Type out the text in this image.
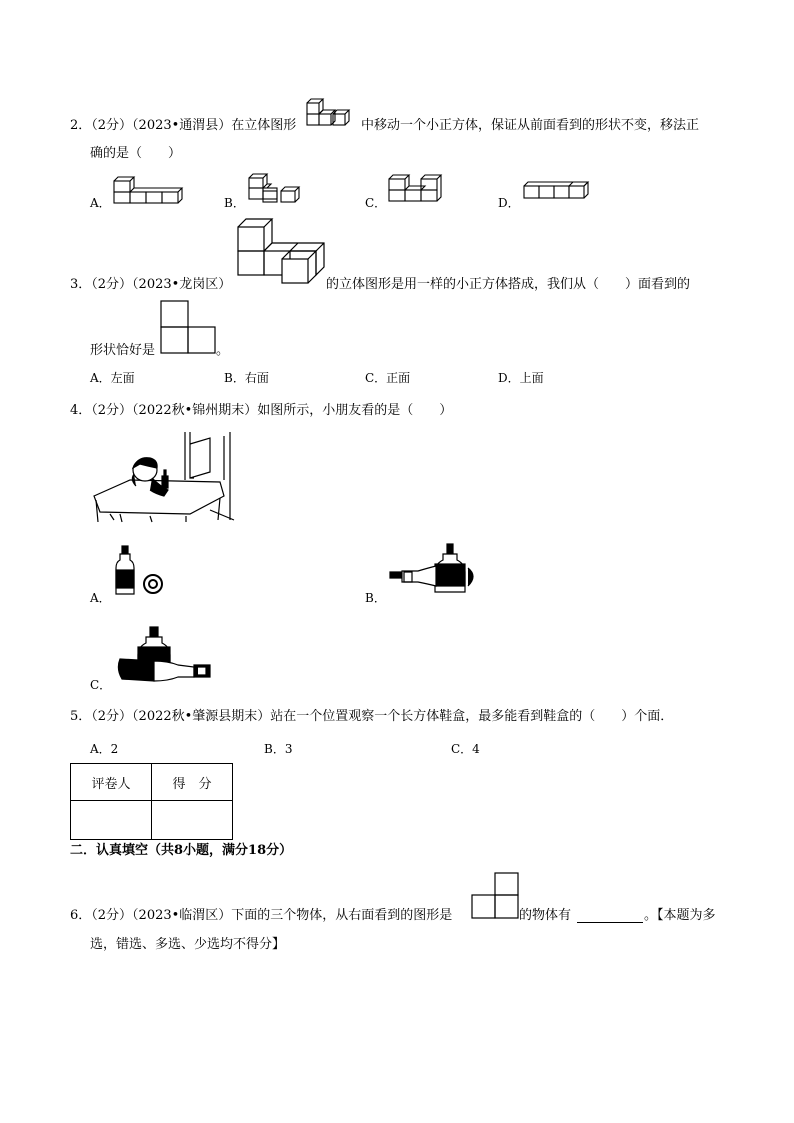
2．（2分）（2023•通渭县）在立体图形	中移动一个小正方体，保证从前面看到的形状不变，移法正
确的是（　　）
A．	B．	C．	D．
3．（2分）（2023•龙岗区）	的立体图形是用一样的小正方体搭成，我们从（　　）面看到的
形状恰好是	。
A．左面	B．右面	C．正面	D．上面
4．（2分）（2022秋•锦州期末）如图所示，小朋友看的是（　　）
A．	B．
C．
5．（2分）（2022秋•肇源县期末）站在一个位置观察一个长方体鞋盒，最多能看到鞋盒的（　　）个面．
A．2	B．3	C．4
评卷人	得　分

二．认真填空（共8小题，满分18分）
6．（2分）（2023•临渭区）下面的三个物体，从右面看到的图形是	的物体有	。【本题为多
选，错选、多选、少选均不得分】
